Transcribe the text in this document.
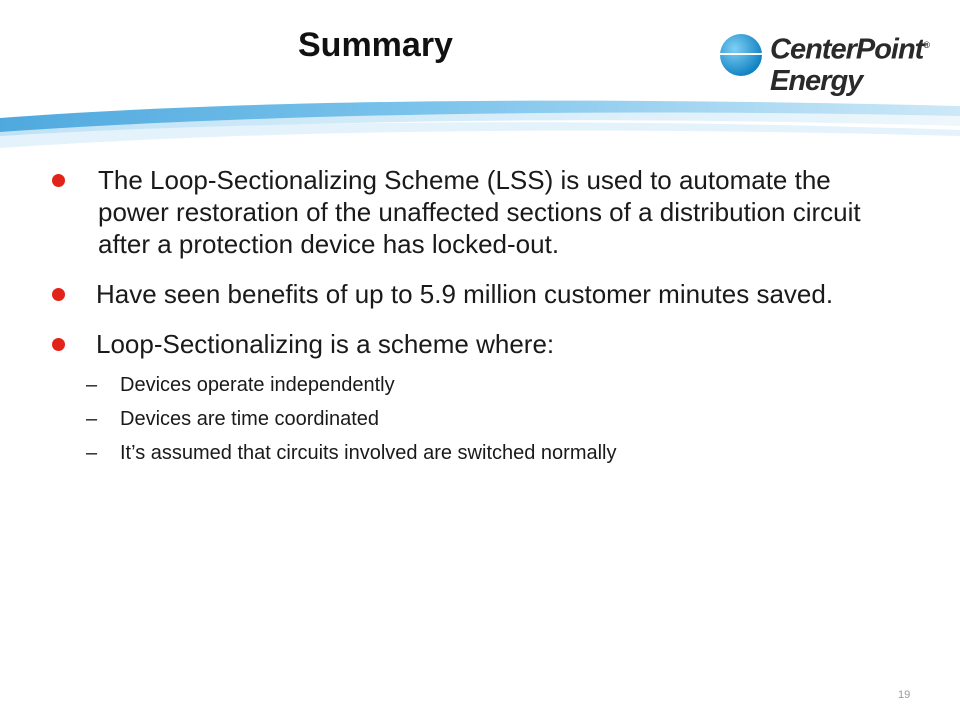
Summary	CenterPoint®
Energy
The Loop-Sectionalizing Scheme (LSS) is used to automate the power restoration of the unaffected sections of a distribution circuit after a protection device has locked-out.
Have seen benefits of up to 5.9 million customer minutes saved.
Loop-Sectionalizing is a scheme where:
– Devices operate independently
– Devices are time coordinated
– It’s assumed that circuits involved are switched normally
19
